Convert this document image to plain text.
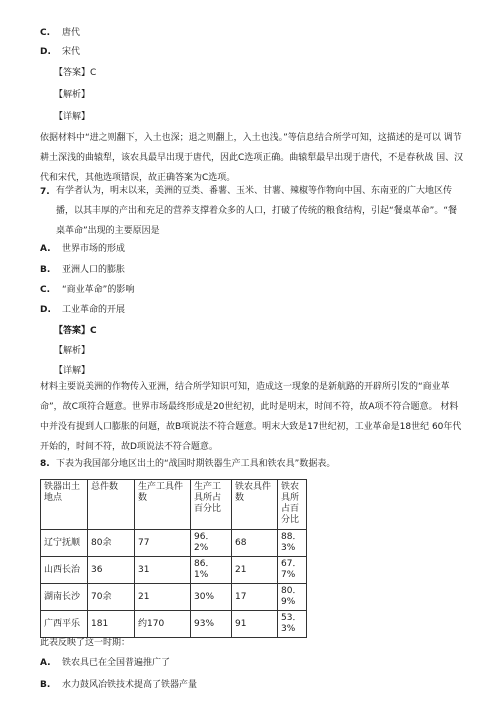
C. 唐代
D. 宋代
【答案】C
【解析】
【详解】
依据材料中“进之则翻下，入土也深；退之则翻上，入土也浅。”等信息结合所学可知，这描述的是可以 调节耕土深浅的曲辕犁，该农具最早出现于唐代，因此C选项正确。曲辕犁最早出现于唐代，不是春秋战 国、汉代和宋代，其他选项错误，故正确答案为C选项。
7. 有学者认为，明末以来，美洲的豆类、番薯、玉米、甘薯、辣椒等作物向中国、东南亚的广大地区传 播，以其丰厚的产出和充足的营养支撑着众多的人口，打破了传统的粮食结构，引起“餐桌革命”。“餐 桌革命”出现的主要原因是
A. 世界市场的形成
B. 亚洲人口的膨胀
C. “商业革命”的影响
D. 工业革命的开展
【答案】C
【解析】
【详解】
材料主要说美洲的作物传入亚洲，结合所学知识可知，造成这一现象的是新航路的开辟所引发的“商业革 命”，故C项符合题意。世界市场最终形成是20世纪初，此时是明末，时间不符，故A项不符合题意。 材料中并没有提到人口膨胀的问题，故B项说法不符合题意。明末大致是17世纪初，工业革命是18世纪 60年代开始的，时间不符，故D项说法不符合题意。
8. 下表为我国部分地区出土的“战国时期铁器生产工具和铁农具”数据表。
铁器出土地点	总件数	生产工具件数	生产工具所占百分比	铁农具件数	铁农具所占百分比
辽宁抚顺	80余	77	96．2%	68	88．3%
山西长治	36	31	86．1%	21	67．7%
湖南长沙	70余	21	30%	17	80．9%
广西平乐	181	约170	93%	91	53．3%
此表反映了这一时期：
A. 铁农具已在全国普遍推广了
B. 水力鼓风冶铁技术提高了铁器产量
